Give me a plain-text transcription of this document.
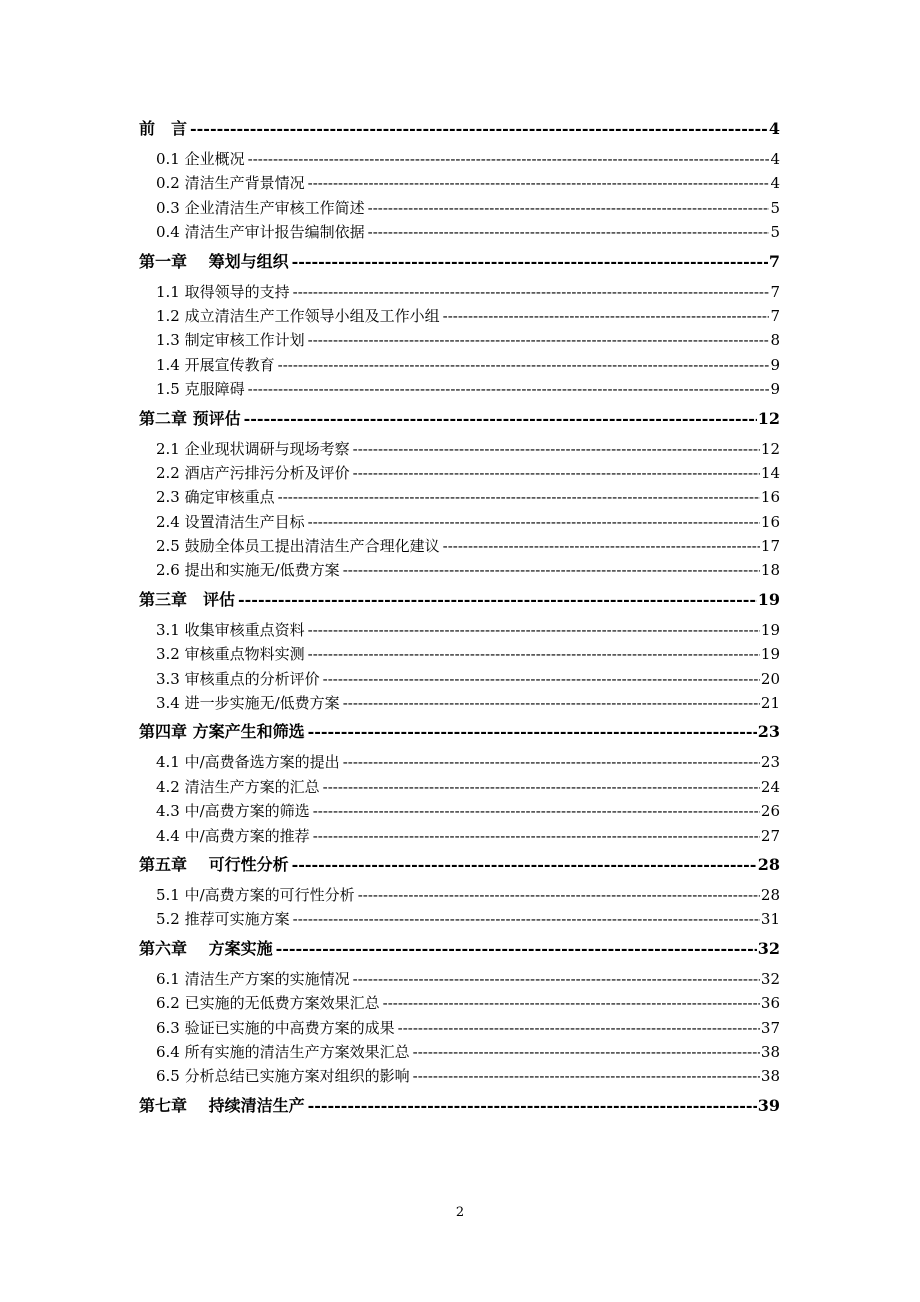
前　言 -----	4
0.1 企业概况 -----	4
0.2 清洁生产背景情况 -----	4
0.3 企业清洁生产审核工作简述 -----	5
0.4 清洁生产审计报告编制依据 -----	5
第一章　 筹划与组织 -----	7
1.1 取得领导的支持 -----	7
1.2 成立清洁生产工作领导小组及工作小组 -----	7
1.3 制定审核工作计划 -----	8
1.4 开展宣传教育 -----	9
1.5 克服障碍 -----	9
第二章 预评估 -----	12
2.1 企业现状调研与现场考察 -----	12
2.2 酒店产污排污分析及评价 -----	14
2.3 确定审核重点 -----	16
2.4 设置清洁生产目标 -----	16
2.5 鼓励全体员工提出清洁生产合理化建议 -----	17
2.6 提出和实施无/低费方案 -----	18
第三章　评估 -----	19
3.1 收集审核重点资料 -----	19
3.2 审核重点物料实测 -----	19
3.3 审核重点的分析评价 -----	20
3.4 进一步实施无/低费方案 -----	21
第四章 方案产生和筛选 -----	23
4.1 中/高费备选方案的提出 -----	23
4.2 清洁生产方案的汇总 -----	24
4.3 中/高费方案的筛选 -----	26
4.4 中/高费方案的推荐 -----	27
第五章　 可行性分析 -----	28
5.1 中/高费方案的可行性分析 -----	28
5.2 推荐可实施方案 -----	31
第六章　 方案实施 -----	32
6.1 清洁生产方案的实施情况 -----	32
6.2 已实施的无低费方案效果汇总 -----	36
6.3 验证已实施的中高费方案的成果 -----	37
6.4 所有实施的清洁生产方案效果汇总 -----	38
6.5 分析总结已实施方案对组织的影响 -----	38
第七章　 持续清洁生产 -----	39
2
